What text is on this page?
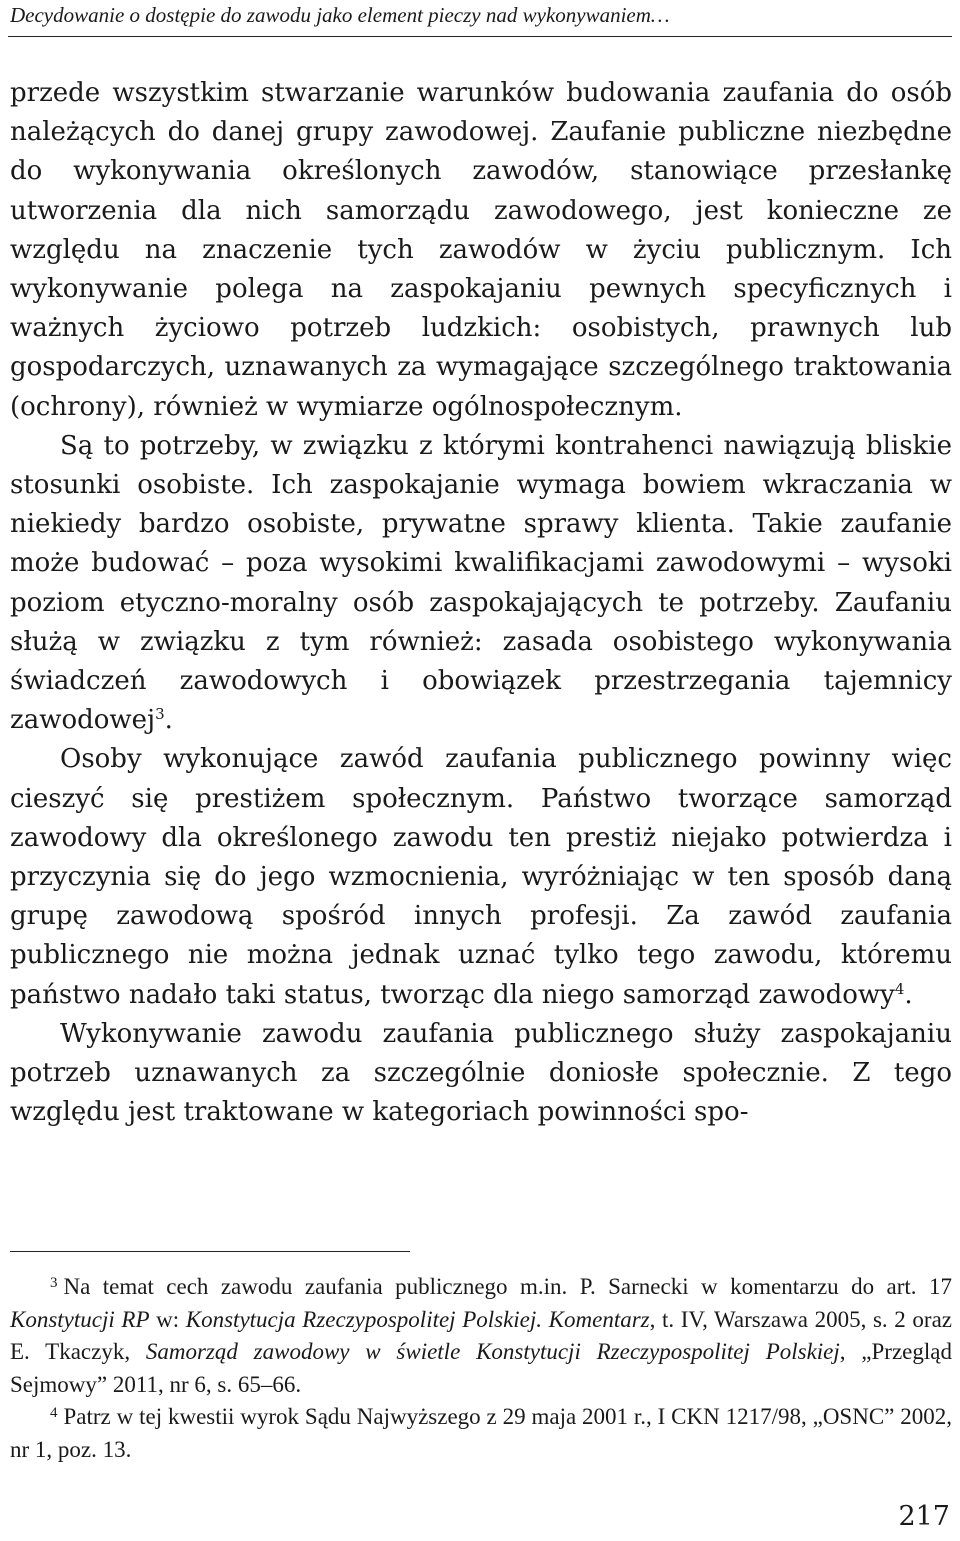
Decydowanie o dostępie do zawodu jako element pieczy nad wykonywaniem…

przede wszystkim stwarzanie warunków budowania zaufania do osób należących do danej grupy zawodowej. Zaufanie publiczne niezbędne do wykonywania określonych zawodów, stanowiące przesłankę utworzenia dla nich samorządu zawodowego, jest konieczne ze względu na znaczenie tych zawodów w życiu publicznym. Ich wykonywanie polega na zaspokajaniu pewnych specyficznych i ważnych życiowo potrzeb ludzkich: osobistych, prawnych lub gospodarczych, uznawanych za wymagające szczególnego traktowania (ochrony), również w wymiarze ogólnospołecznym.

Są to potrzeby, w związku z którymi kontrahenci nawiązują bliskie stosunki osobiste. Ich zaspokajanie wymaga bowiem wkraczania w niekiedy bardzo osobiste, prywatne sprawy klienta. Takie zaufanie może budować – poza wysokimi kwalifikacjami zawodowymi – wysoki poziom etyczno-moralny osób zaspokajających te potrzeby. Zaufaniu służą w związku z tym również: zasada osobistego wykonywania świadczeń zawodowych i obowiązek przestrzegania tajemnicy zawodowej$^3$.

Osoby wykonujące zawód zaufania publicznego powinny więc cieszyć się prestiżem społecznym. Państwo tworzące samorząd zawodowy dla określonego zawodu ten prestiż niejako potwierdza i przyczynia się do jego wzmocnienia, wyróżniając w ten sposób daną grupę zawodową spośród innych profesji. Za zawód zaufania publicznego nie można jednak uznać tylko tego zawodu, któremu państwo nadało taki status, tworząc dla niego samorząd zawodowy$^4$.

Wykonywanie zawodu zaufania publicznego służy zaspokajaniu potrzeb uznawanych za szczególnie doniosłe społecznie. Z tego względu jest traktowane w kategoriach powinności spo-

$^3$ Na temat cech zawodu zaufania publicznego m.in. P. Sarnecki w komentarzu do art. 17 Konstytucji RP w: Konstytucja Rzeczypospolitej Polskiej. Komentarz, t. IV, Warszawa 2005, s. 2 oraz E. Tkaczyk, Samorząd zawodowy w świetle Konstytucji Rzeczypospolitej Polskiej, „Przegląd Sejmowy” 2011, nr 6, s. 65–66.

$^4$ Patrz w tej kwestii wyrok Sądu Najwyższego z 29 maja 2001 r., I CKN 1217/98, „OSNC” 2002, nr 1, poz. 13.

217
